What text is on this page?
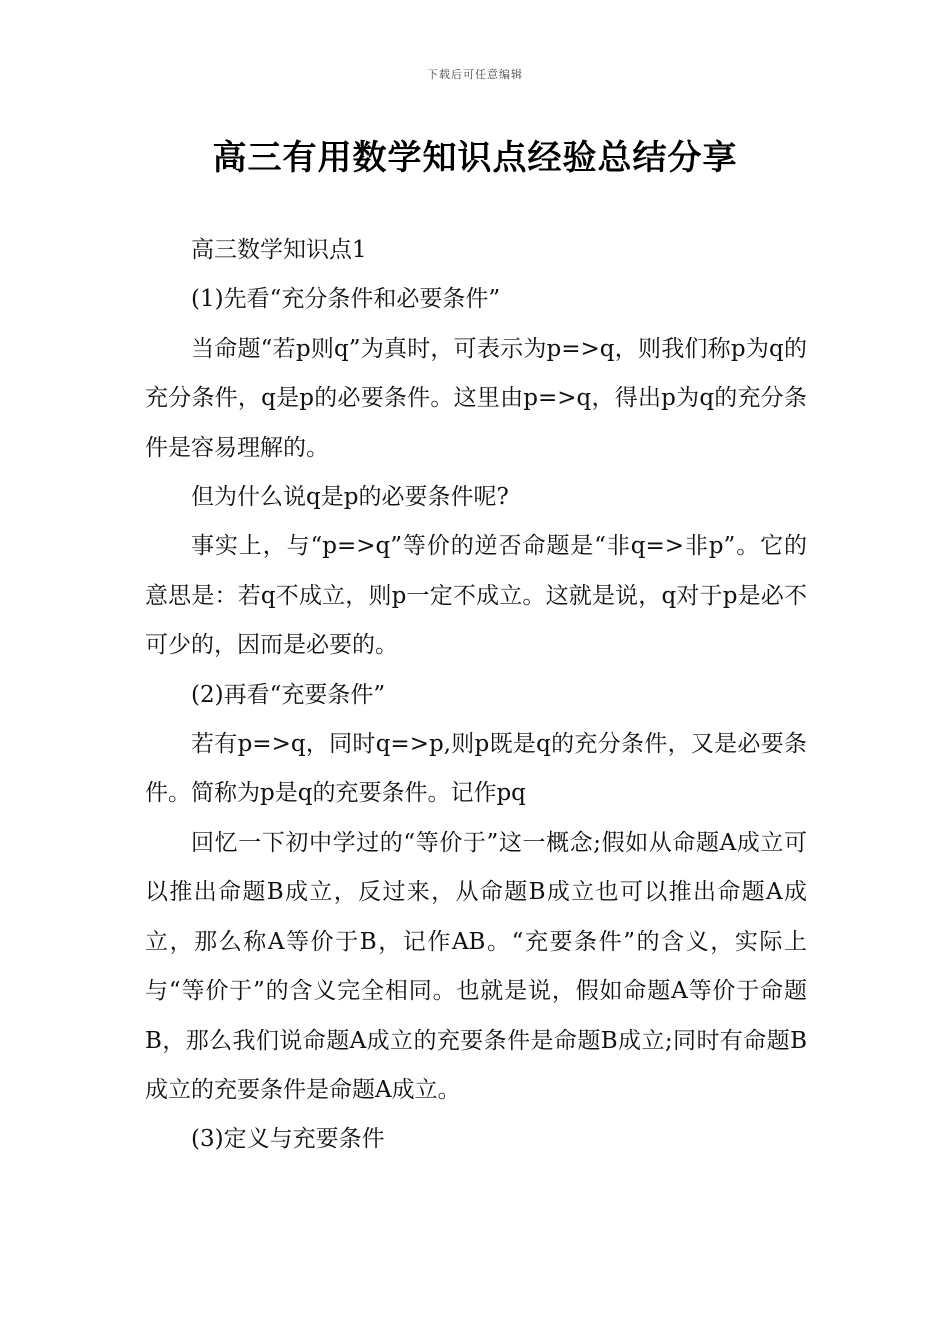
下载后可任意编辑
高三有用数学知识点经验总结分享

高三数学知识点1

(1)先看“充分条件和必要条件”

当命题“若p则q”为真时，可表示为p=>q，则我们称p为q的充分条件，q是p的必要条件。这里由p=>q，得出p为q的充分条件是容易理解的。

但为什么说q是p的必要条件呢?

事实上，与“p=>q”等价的逆否命题是“非q=>非p”。它的意思是：若q不成立，则p一定不成立。这就是说，q对于p是必不可少的，因而是必要的。

(2)再看“充要条件”

若有p=>q，同时q=>p,则p既是q的充分条件，又是必要条件。简称为p是q的充要条件。记作pq

回忆一下初中学过的“等价于”这一概念;假如从命题A成立可以推出命题B成立，反过来，从命题B成立也可以推出命题A成立，那么称A等价于B，记作AB。“充要条件”的含义，实际上与“等价于”的含义完全相同。也就是说，假如命题A等价于命题B，那么我们说命题A成立的充要条件是命题B成立;同时有命题B成立的充要条件是命题A成立。

(3)定义与充要条件
